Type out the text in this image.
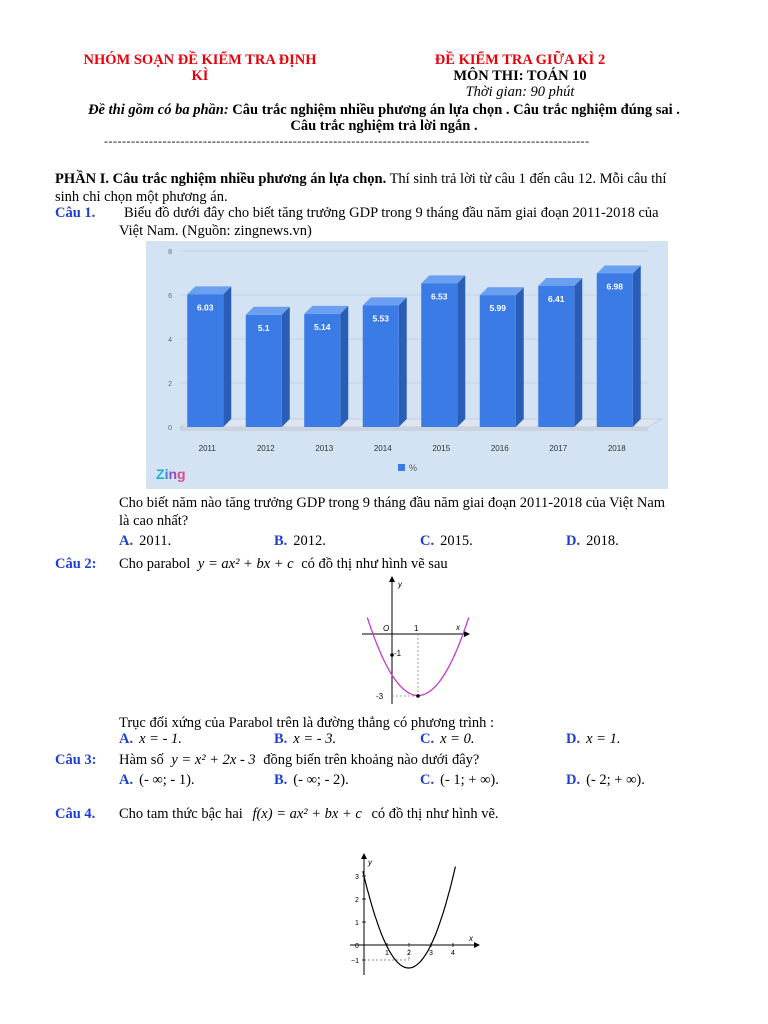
NHÓM SOẠN ĐỀ KIỂM TRA ĐỊNH
KÌ
ĐỀ KIỂM TRA GIỮA KÌ 2
MÔN THI: TOÁN 10
Thời gian: 90 phút
Đề thi gồm có ba phần: Câu trắc nghiệm nhiều phương án lựa chọn . Câu trắc nghiệm đúng sai .
Câu trắc nghiệm trả lời ngắn .
------------------------------------------------------------------------------------------------------------
PHẦN I. Câu trắc nghiệm nhiều phương án lựa chọn. Thí sinh trả lời từ câu 1 đến câu 12. Mỗi câu thí
sinh chỉ chọn một phương án.
Câu 1.	Biểu đồ dưới đây cho biết tăng trưởng GDP trong 9 tháng đầu năm giai đoạn 2011-2018 của
Việt Nam. (Nguồn: zingnews.vn)
0
2
4
6
8
6.03
5.1	5.14
5.53
6.53
5.99
6.41
6.98
2011	2012	2013	2014	2015	2016	2017	2018
Zing	%
Cho biết năm nào tăng trưởng GDP trong 9 tháng đầu năm giai đoạn 2011-2018 của Việt Nam
là cao nhất?
A. 2011.	B. 2012.	C. 2015.	D. 2018.
Câu 2: Cho parabol y = ax² + bx + c có đồ thị như hình vẽ sau
y
x
O	1
-1
-3
Trục đối xứng của Parabol trên là đường thẳng có phương trình :
A. x = - 1.	B. x = - 3.	C. x = 0.	D. x = 1.
Câu 3: Hàm số y = x² + 2x - 3 đồng biến trên khoảng nào dưới đây?
A. (- ∞; - 1).	B. (- ∞; - 2).	C. (- 1; + ∞).	D. (- 2; + ∞).
Câu 4. Cho tam thức bậc hai f(x) = ax² + bx + c có đồ thị như hình vẽ.
y
x
3
2
1
0
−1
1	2	3	4
